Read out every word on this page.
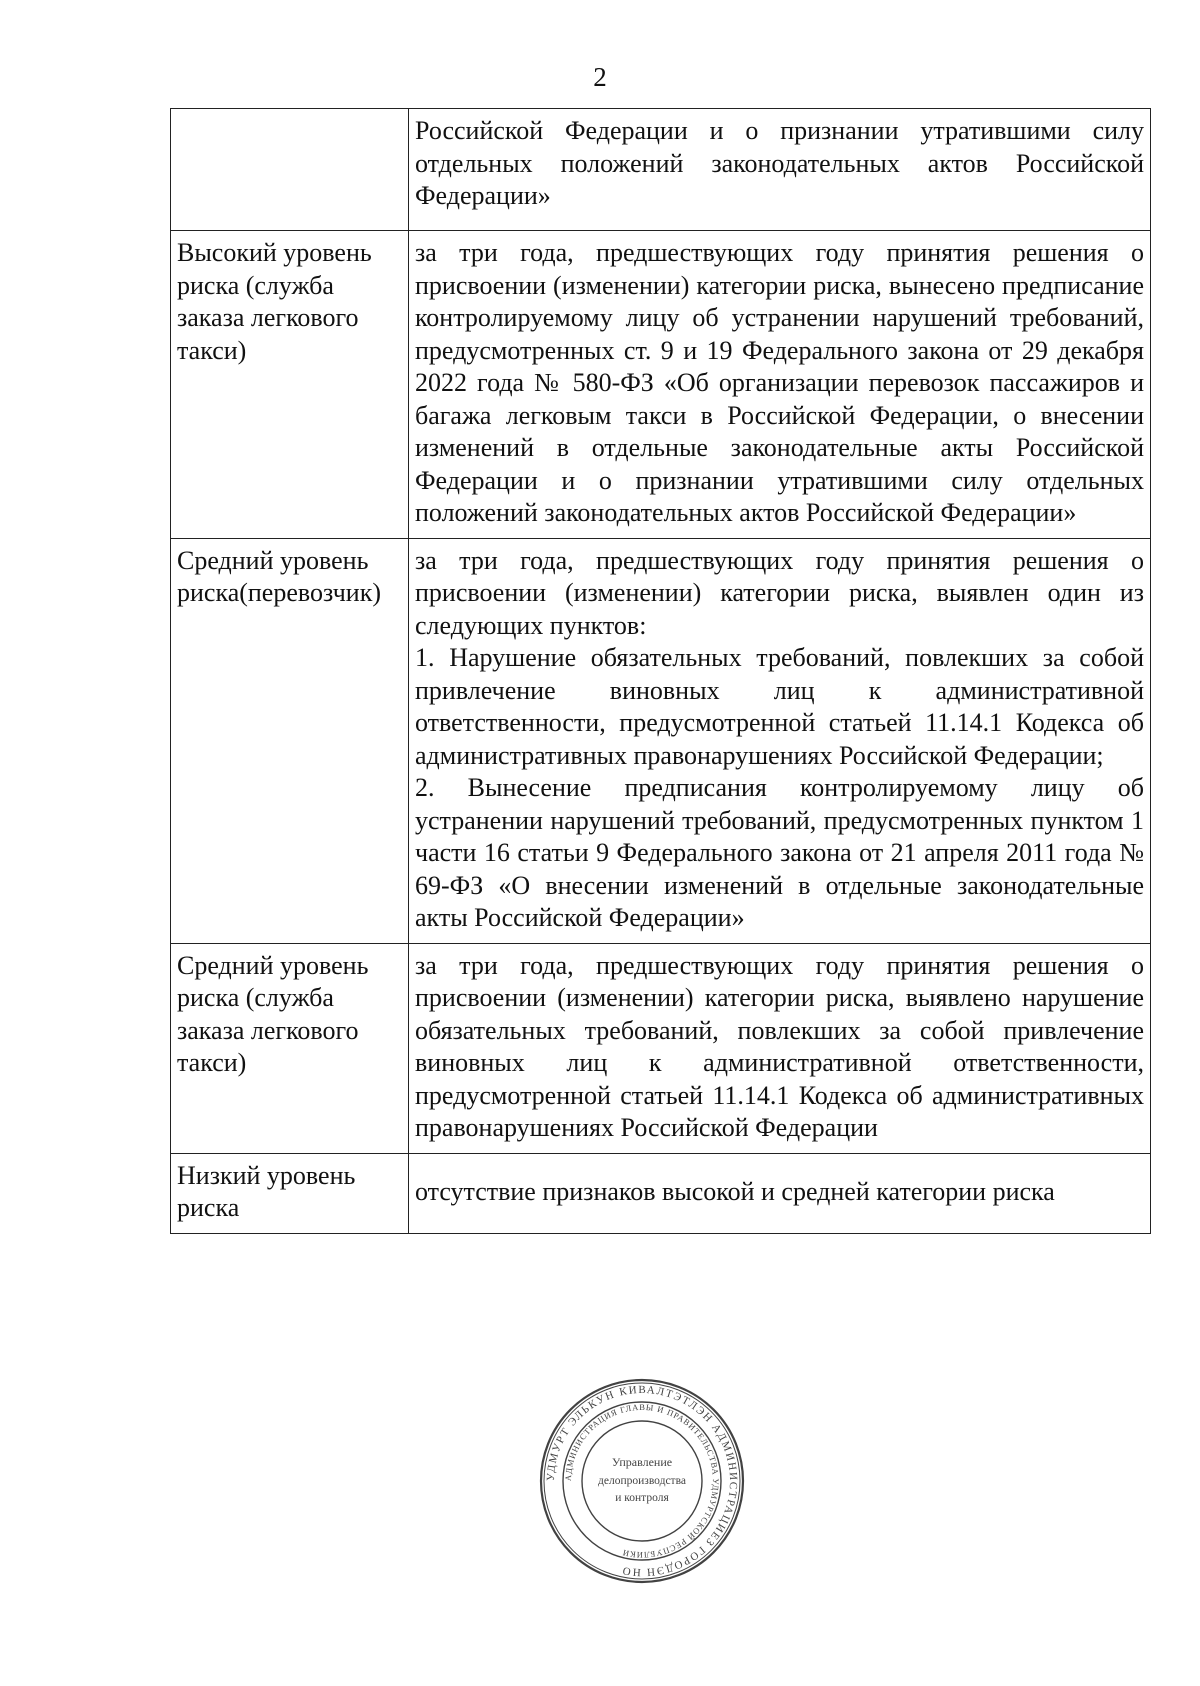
2

	Российской Федерации и о признании утратившими силу отдельных положений законодательных актов Российской Федерации»

Высокий уровень риска (служба заказа легкового такси)	за три года, предшествующих году принятия решения о присвоении (изменении) категории риска, вынесено предписание контролируемому лицу об устранении нарушений требований, предусмотренных ст. 9 и 19 Федерального закона от 29 декабря 2022 года № 580-ФЗ «Об организации перевозок пассажиров и багажа легковым такси в Российской Федерации, о внесении изменений в отдельные законодательные акты Российской Федерации и о признании утратившими силу отдельных положений законодательных актов Российской Федерации»

Средний уровень риска(перевозчик)	за три года, предшествующих году принятия решения о присвоении (изменении) категории риска, выявлен один из следующих пунктов:
1. Нарушение обязательных требований, повлекших за собой привлечение виновных лиц к административной ответственности, предусмотренной статьей 11.14.1 Кодекса об административных правонарушениях Российской Федерации;
2. Вынесение предписания контролируемому лицу об устранении нарушений требований, предусмотренных пунктом 1 части 16 статьи 9 Федерального закона от 21 апреля 2011 года № 69-ФЗ «О внесении изменений в отдельные законодательные акты Российской Федерации»

Средний уровень риска (служба заказа легкового такси)	за три года, предшествующих году принятия решения о присвоении (изменении) категории риска, выявлено нарушение обязательных требований, повлекших за собой привлечение виновных лиц к административной ответственности, предусмотренной статьей 11.14.1 Кодекса об административных правонарушениях Российской Федерации

Низкий уровень риска	отсутствие признаков высокой и средней категории риска
УДМУРТ ЭЛЬКУН КИВАЛТЭТЛЭН АДМИНИСТРАЦИЕЗ ГОРОДЭН НО
АДМИНИСТРАЦИЯ ГЛАВЫ И ПРАВИТЕЛЬСТВА УДМУРТСКОЙ РЕСПУБЛИКИ
Управление
делопроизводства
и контроля
